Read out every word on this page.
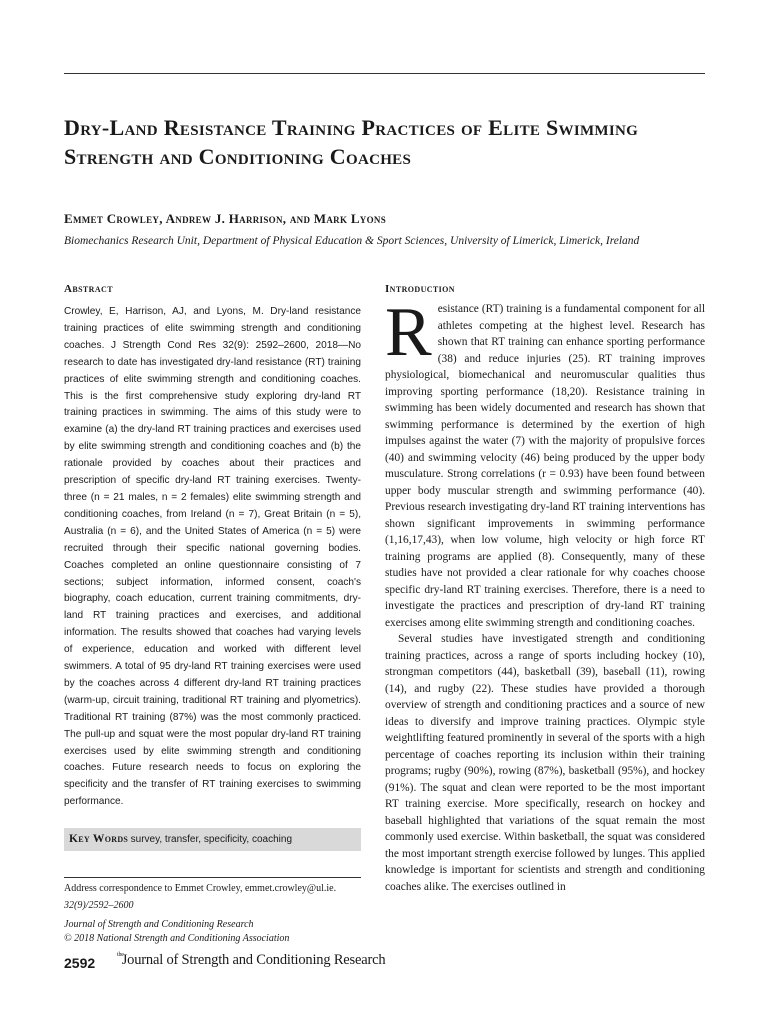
Dry-Land Resistance Training Practices of Elite Swimming Strength and Conditioning Coaches
Emmet Crowley, Andrew J. Harrison, and Mark Lyons
Biomechanics Research Unit, Department of Physical Education & Sport Sciences, University of Limerick, Limerick, Ireland
Abstract

Crowley, E, Harrison, AJ, and Lyons, M. Dry-land resistance training practices of elite swimming strength and conditioning coaches. J Strength Cond Res 32(9): 2592–2600, 2018—No research to date has investigated dry-land resistance (RT) training practices of elite swimming strength and conditioning coaches. This is the first comprehensive study exploring dry-land RT training practices in swimming. The aims of this study were to examine (a) the dry-land RT training practices and exercises used by elite swimming strength and conditioning coaches and (b) the rationale provided by coaches about their practices and prescription of specific dry-land RT training exercises. Twenty-three (n = 21 males, n = 2 females) elite swimming strength and conditioning coaches, from Ireland (n = 7), Great Britain (n = 5), Australia (n = 6), and the United States of America (n = 5) were recruited through their specific national governing bodies. Coaches completed an online questionnaire consisting of 7 sections; subject information, informed consent, coach's biography, coach education, current training commitments, dry-land RT training practices and exercises, and additional information. The results showed that coaches had varying levels of experience, education and worked with different level swimmers. A total of 95 dry-land RT training exercises were used by the coaches across 4 different dry-land RT training practices (warm-up, circuit training, traditional RT training and plyometrics). Traditional RT training (87%) was the most commonly practiced. The pull-up and squat were the most popular dry-land RT training exercises used by elite swimming strength and conditioning coaches. Future research needs to focus on exploring the specificity and the transfer of RT training exercises to swimming performance.

Key Words survey, transfer, specificity, coaching
Address correspondence to Emmet Crowley, emmet.crowley@ul.ie.
32(9)/2592–2600
Journal of Strength and Conditioning Research
© 2018 National Strength and Conditioning Association
2592	$^{the}$Journal of Strength and Conditioning Research
Introduction

Resistance (RT) training is a fundamental component for all athletes competing at the highest level. Research has shown that RT training can enhance sporting performance (38) and reduce injuries (25). RT training improves physiological, biomechanical and neuromuscular qualities thus improving sporting performance (18,20). Resistance training in swimming has been widely documented and research has shown that swimming performance is determined by the exertion of high impulses against the water (7) with the majority of propulsive forces (40) and swimming velocity (46) being produced by the upper body musculature. Strong correlations (r = 0.93) have been found between upper body muscular strength and swimming performance (40). Previous research investigating dry-land RT training interventions has shown significant improvements in swimming performance (1,16,17,43), when low volume, high velocity or high force RT training programs are applied (8). Consequently, many of these studies have not provided a clear rationale for why coaches choose specific dry-land RT training exercises. Therefore, there is a need to investigate the practices and prescription of dry-land RT training exercises among elite swimming strength and conditioning coaches.

Several studies have investigated strength and conditioning training practices, across a range of sports including hockey (10), strongman competitors (44), basketball (39), baseball (11), rowing (14), and rugby (22). These studies have provided a thorough overview of strength and conditioning practices and a source of new ideas to diversify and improve training practices. Olympic style weightlifting featured prominently in several of the sports with a high percentage of coaches reporting its inclusion within their training programs; rugby (90%), rowing (87%), basketball (95%), and hockey (91%). The squat and clean were reported to be the most important RT training exercise. More specifically, research on hockey and baseball highlighted that variations of the squat remain the most commonly used exercise. Within basketball, the squat was considered the most important strength exercise followed by lunges. This applied knowledge is important for scientists and strength and conditioning coaches alike. The exercises outlined in
